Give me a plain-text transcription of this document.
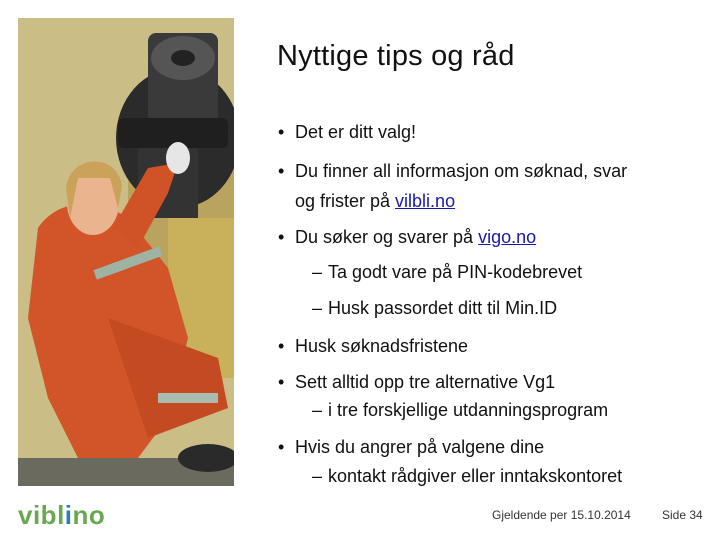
Nyttige tips og råd
• Det er ditt valg!
• Du finner all informasjon om søknad, svar
og frister på vilbli.no
• Du søker og svarer på vigo.no
– Ta godt vare på PIN-kodebrevet
– Husk passordet ditt til Min.ID
• Husk søknadsfristene
• Sett alltid opp tre alternative Vg1
– i tre forskjellige utdanningsprogram
• Hvis du angrer på valgene dine
– kontakt rådgiver eller inntakskontoret
viblino	Gjeldende per 15.10.2014	Side 34
